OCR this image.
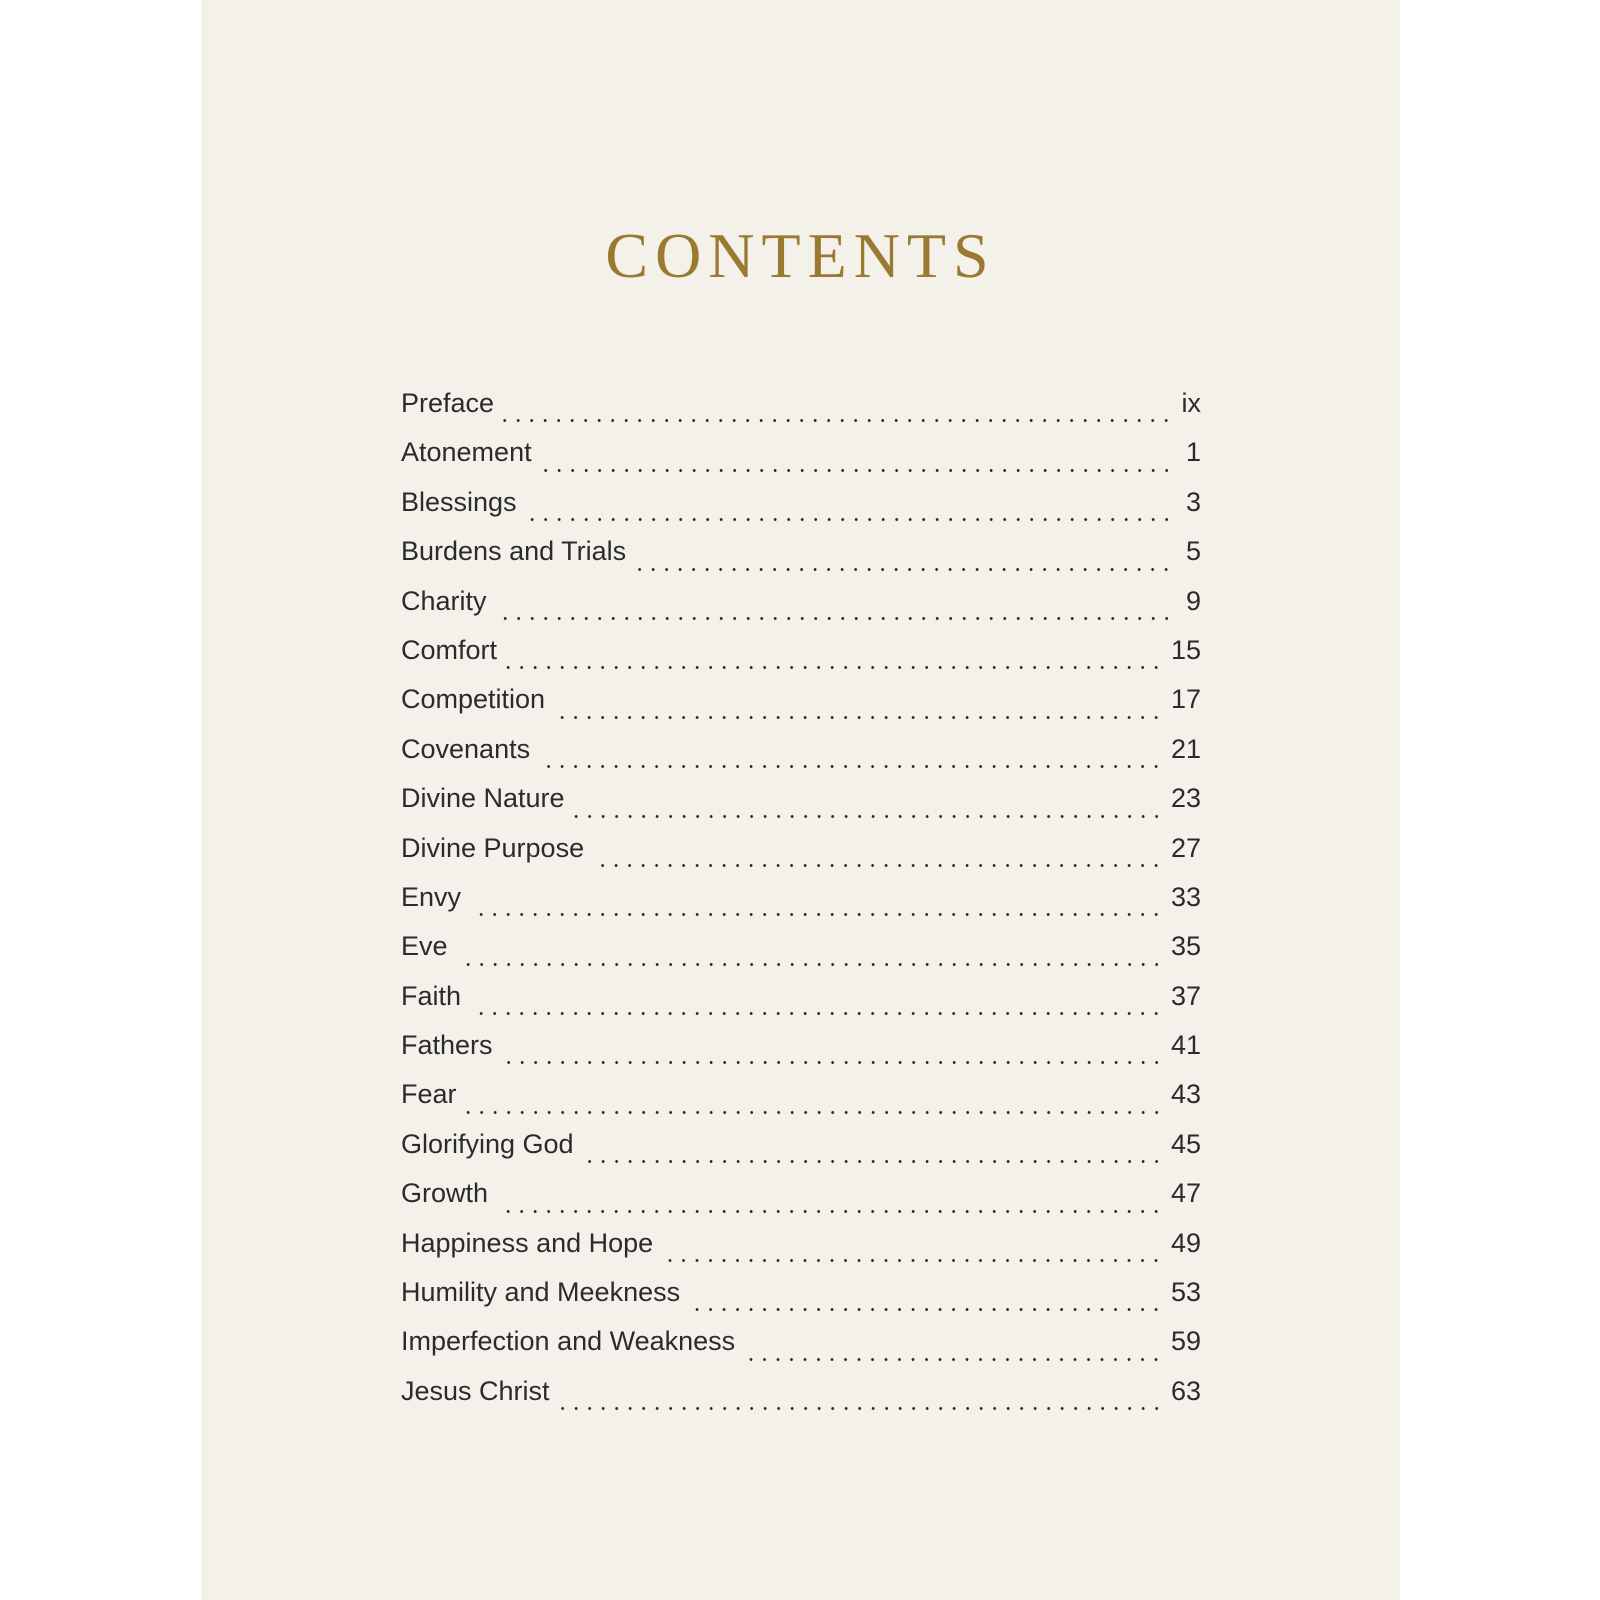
CONTENTS
Preface	ix
Atonement	1
Blessings	3
Burdens and Trials	5
Charity	9
Comfort	15
Competition	17
Covenants	21
Divine Nature	23
Divine Purpose	27
Envy	33
Eve	35
Faith	37
Fathers	41
Fear	43
Glorifying God	45
Growth	47
Happiness and Hope	49
Humility and Meekness	53
Imperfection and Weakness	59
Jesus Christ	63
